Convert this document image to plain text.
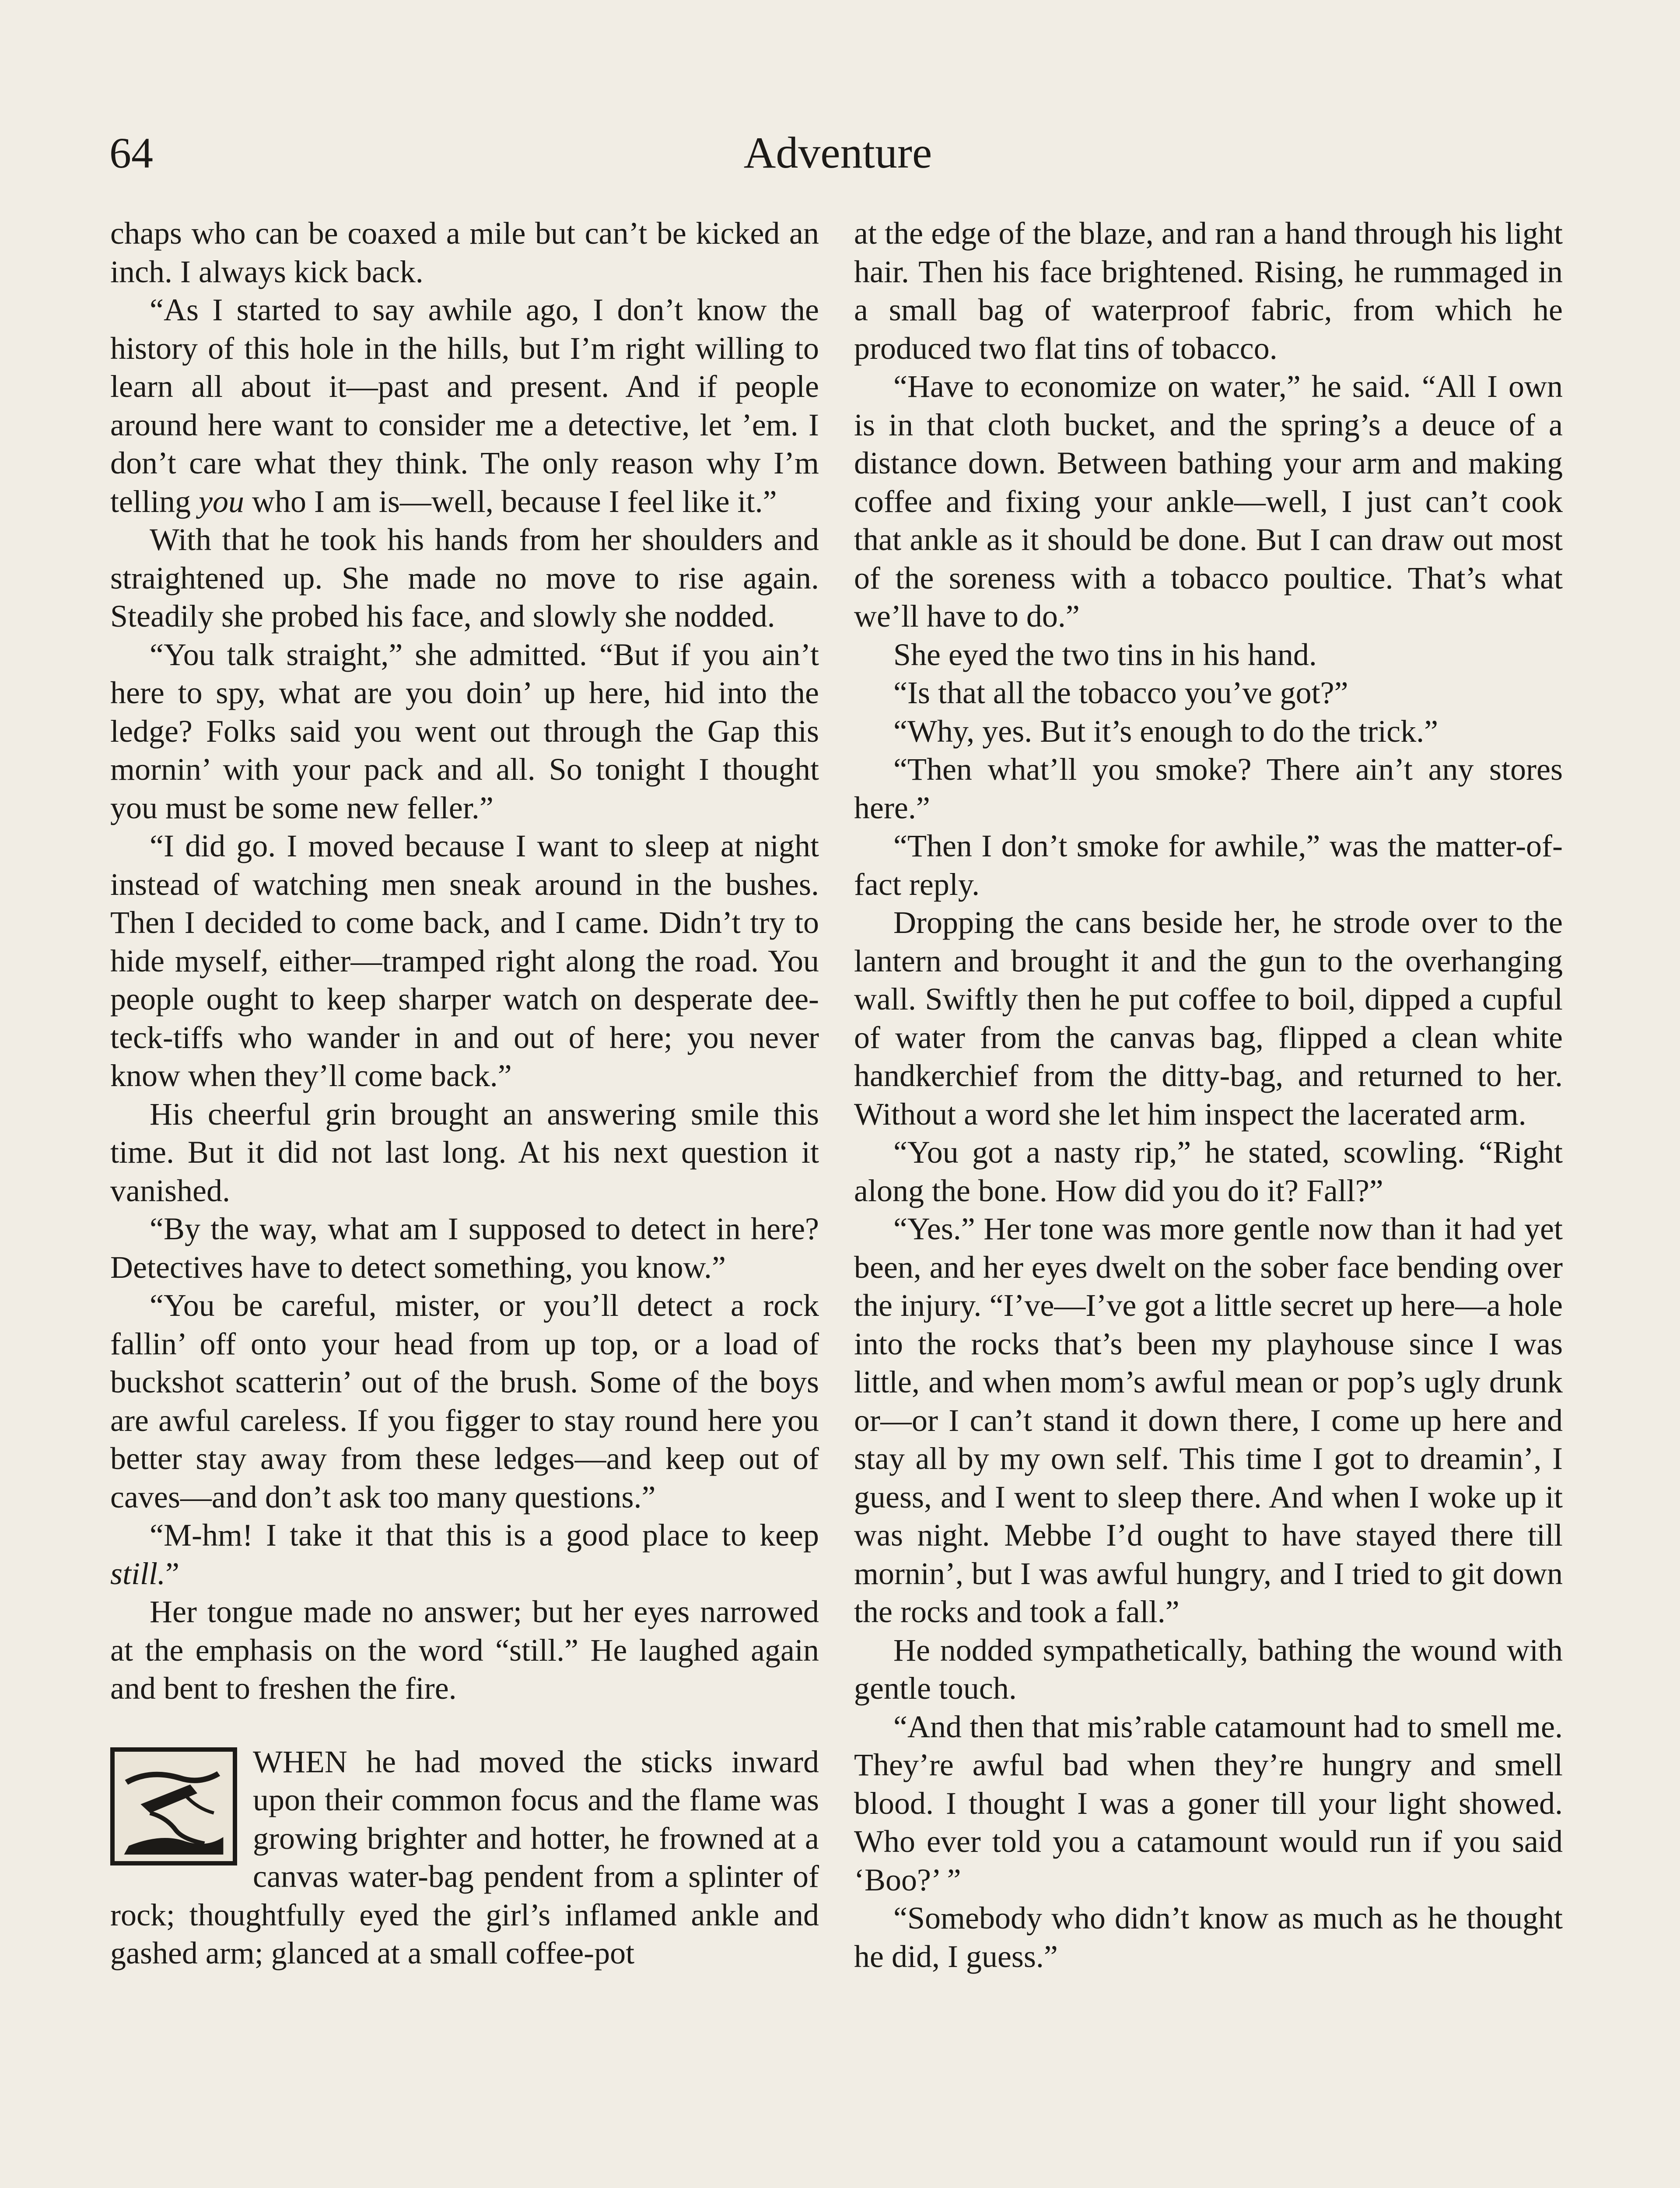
64	Adventure

chaps who can be coaxed a mile but can’t be kicked an inch. I always kick back.

“As I started to say awhile ago, I don’t know the history of this hole in the hills, but I’m right willing to learn all about it—past and present. And if people around here want to consider me a detective, let ’em. I don’t care what they think. The only reason why I’m telling you who I am is—well, because I feel like it.”

With that he took his hands from her shoulders and straightened up. She made no move to rise again. Steadily she probed his face, and slowly she nodded.

“You talk straight,” she admitted. “But if you ain’t here to spy, what are you doin’ up here, hid into the ledge? Folks said you went out through the Gap this mornin’ with your pack and all. So tonight I thought you must be some new feller.”

“I did go. I moved because I want to sleep at night instead of watching men sneak around in the bushes. Then I decided to come back, and I came. Didn’t try to hide myself, either—tramped right along the road. You people ought to keep sharper watch on desperate dee-teck-tiffs who wander in and out of here; you never know when they’ll come back.”

His cheerful grin brought an answering smile this time. But it did not last long. At his next question it vanished.

“By the way, what am I supposed to detect in here? Detectives have to detect something, you know.”

“You be careful, mister, or you’ll detect a rock fallin’ off onto your head from up top, or a load of buckshot scatterin’ out of the brush. Some of the boys are awful careless. If you figger to stay round here you better stay away from these ledges—and keep out of caves—and don’t ask too many questions.”

“M-hm! I take it that this is a good place to keep still.”

Her tongue made no answer; but her eyes narrowed at the emphasis on the word “still.” He laughed again and bent to freshen the fire.

WHEN he had moved the sticks inward upon their common focus and the flame was growing brighter and hotter, he frowned at a canvas water-bag pendent from a splinter of rock; thoughtfully eyed the girl’s inflamed ankle and gashed arm; glanced at a small coffee-pot

at the edge of the blaze, and ran a hand through his light hair. Then his face brightened. Rising, he rummaged in a small bag of waterproof fabric, from which he produced two flat tins of tobacco.

“Have to economize on water,” he said. “All I own is in that cloth bucket, and the spring’s a deuce of a distance down. Between bathing your arm and making coffee and fixing your ankle—well, I just can’t cook that ankle as it should be done. But I can draw out most of the soreness with a tobacco poultice. That’s what we’ll have to do.”

She eyed the two tins in his hand.

“Is that all the tobacco you’ve got?”

“Why, yes. But it’s enough to do the trick.”

“Then what’ll you smoke? There ain’t any stores here.”

“Then I don’t smoke for awhile,” was the matter-of-fact reply.

Dropping the cans beside her, he strode over to the lantern and brought it and the gun to the overhanging wall. Swiftly then he put coffee to boil, dipped a cupful of water from the canvas bag, flipped a clean white handkerchief from the ditty-bag, and returned to her. Without a word she let him inspect the lacerated arm.

“You got a nasty rip,” he stated, scowling. “Right along the bone. How did you do it? Fall?”

“Yes.” Her tone was more gentle now than it had yet been, and her eyes dwelt on the sober face bending over the injury. “I’ve—I’ve got a little secret up here—a hole into the rocks that’s been my playhouse since I was little, and when mom’s awful mean or pop’s ugly drunk or—or I can’t stand it down there, I come up here and stay all by my own self. This time I got to dreamin’, I guess, and I went to sleep there. And when I woke up it was night. Mebbe I’d ought to have stayed there till mornin’, but I was awful hungry, and I tried to git down the rocks and took a fall.”

He nodded sympathetically, bathing the wound with gentle touch.

“And then that mis’rable catamount had to smell me. They’re awful bad when they’re hungry and smell blood. I thought I was a goner till your light showed. Who ever told you a catamount would run if you said ‘Boo?’ ”

“Somebody who didn’t know as much as he thought he did, I guess.”
